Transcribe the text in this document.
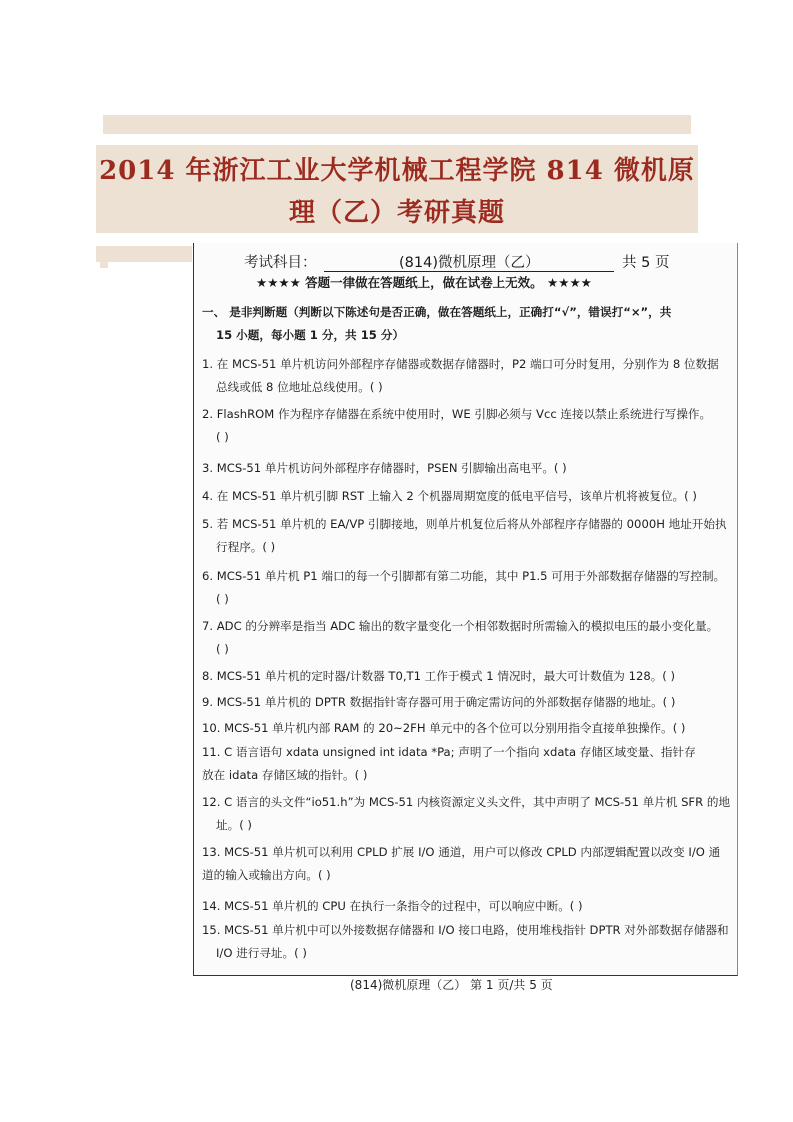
2014 年浙江工业大学机械工程学院 814 微机原理（乙）考研真题
考试科目：	(814)微机原理（乙）	共 5 页
★★★★ 答题一律做在答题纸上，做在试卷上无效。 ★★★★
一、 是非判断题（判断以下陈述句是否正确，做在答题纸上，正确打“√”，错误打“×”，共
15 小题，每小题 1 分，共 15 分）
1. 在 MCS-51 单片机访问外部程序存储器或数据存储器时，P2 端口可分时复用，分别作为 8 位数据
总线或低 8 位地址总线使用。( )
2. FlashROM 作为程序存储器在系统中使用时，WE 引脚必须与 Vcc 连接以禁止系统进行写操作。
( )
3. MCS-51 单片机访问外部程序存储器时，PSEN 引脚输出高电平。( )
4. 在 MCS-51 单片机引脚 RST 上输入 2 个机器周期宽度的低电平信号，该单片机将被复位。( )
5. 若 MCS-51 单片机的 EA/VP 引脚接地，则单片机复位后将从外部程序存储器的 0000H 地址开始执
行程序。( )
6. MCS-51 单片机 P1 端口的每一个引脚都有第二功能，其中 P1.5 可用于外部数据存储器的写控制。
( )
7. ADC 的分辨率是指当 ADC 输出的数字量变化一个相邻数据时所需输入的模拟电压的最小变化量。
( )
8. MCS-51 单片机的定时器/计数器 T0,T1 工作于模式 1 情况时，最大可计数值为 128。( )
9. MCS-51 单片机的 DPTR 数据指针寄存器可用于确定需访问的外部数据存储器的地址。( )
10. MCS-51 单片机内部 RAM 的 20~2FH 单元中的各个位可以分别用指令直接单独操作。( )
11. C 语言语句 xdata unsigned int idata *Pa; 声明了一个指向 xdata 存储区域变量、指针存
放在 idata 存储区域的指针。( )
12. C 语言的头文件“io51.h”为 MCS-51 内核资源定义头文件，其中声明了 MCS-51 单片机 SFR 的地
址。( )
13. MCS-51 单片机可以利用 CPLD 扩展 I/O 通道，用户可以修改 CPLD 内部逻辑配置以改变 I/O 通
道的输入或输出方向。( )
14. MCS-51 单片机的 CPU 在执行一条指令的过程中，可以响应中断。( )
15. MCS-51 单片机中可以外接数据存储器和 I/O 接口电路，使用堆栈指针 DPTR 对外部数据存储器和
I/O 进行寻址。( )
(814)微机原理（乙） 第 1 页/共 5 页
